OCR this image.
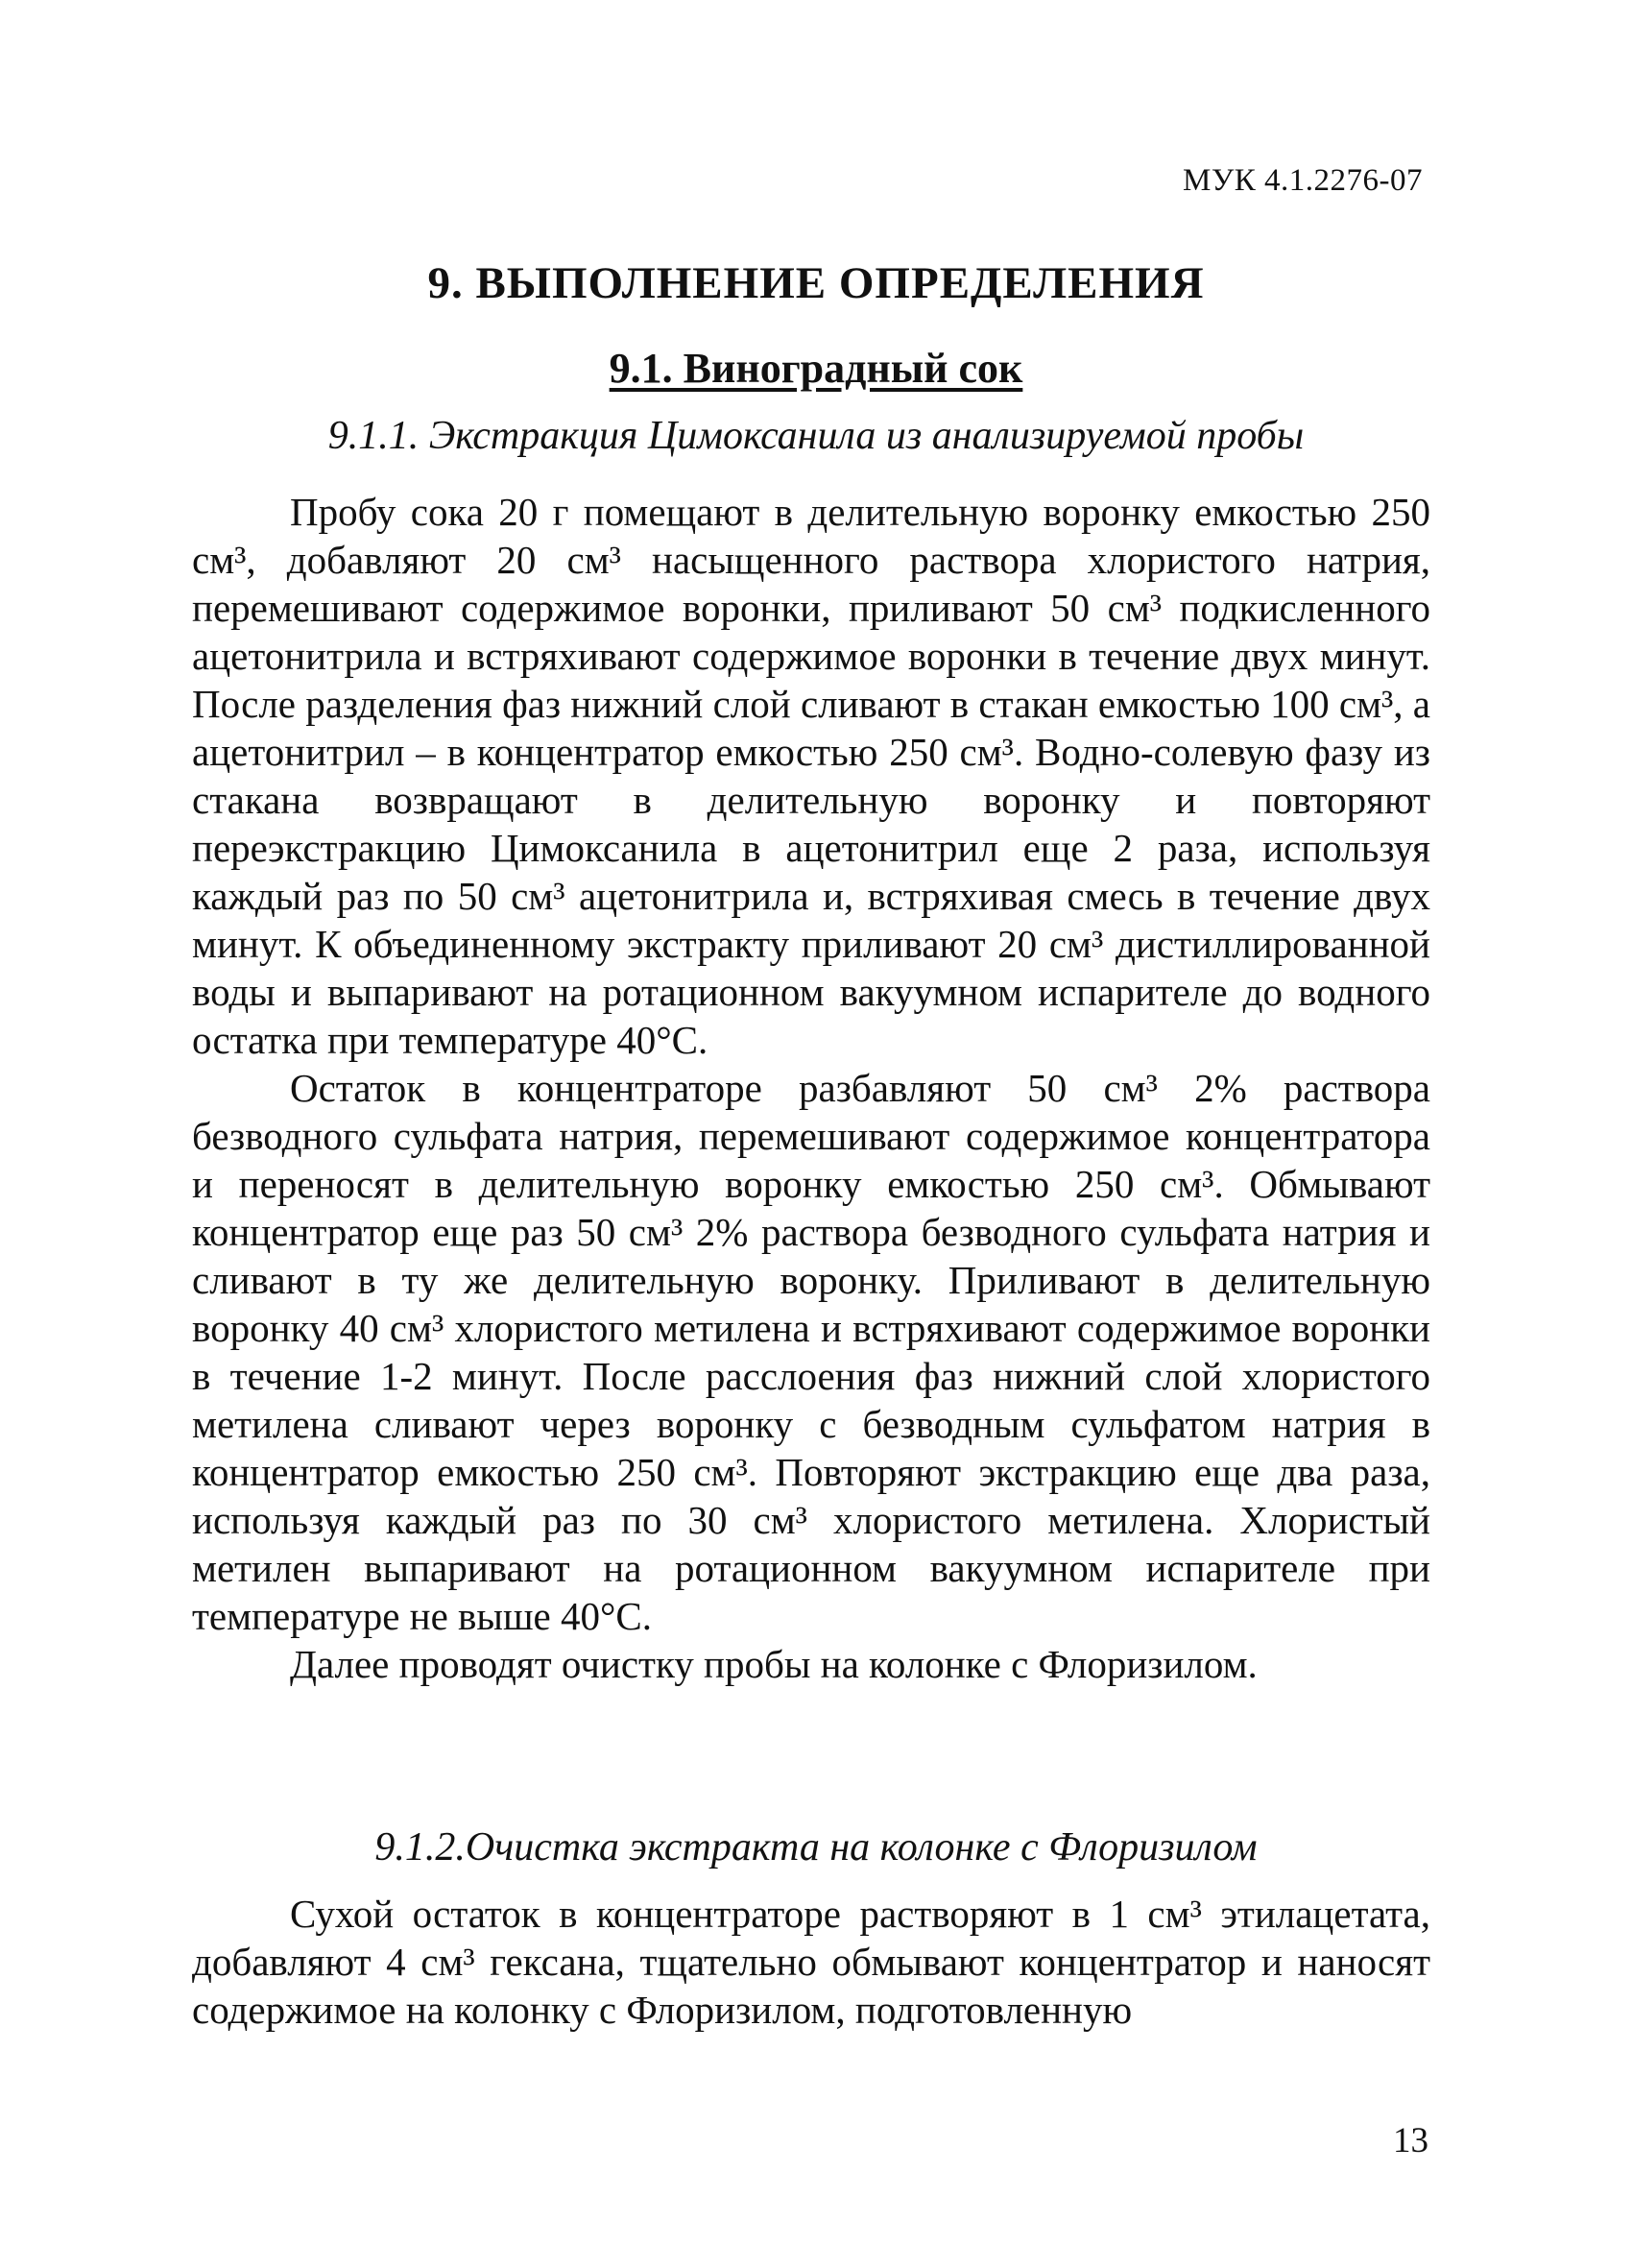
МУК 4.1.2276-07

9. ВЫПОЛНЕНИЕ ОПРЕДЕЛЕНИЯ
9.1. Виноградный сок
9.1.1. Экстракция Цимоксанила из анализируемой пробы

Пробу сока 20 г помещают в делительную воронку емкостью 250 см³, добавляют 20 см³ насыщенного раствора хлористого натрия, перемешивают содержимое воронки, приливают 50 см³ подкисленного ацетонитрила и встряхивают содержимое воронки в течение двух минут. После разделения фаз нижний слой сливают в стакан емкостью 100 см³, а ацетонитрил – в концентратор емкостью 250 см³. Водно-солевую фазу из стакана возвращают в делительную воронку и повторяют переэкстракцию Цимоксанила в ацетонитрил еще 2 раза, используя каждый раз по 50 см³ ацетонитрила и, встряхивая смесь в течение двух минут. К объединенному экстракту приливают 20 см³ дистиллированной воды и выпаривают на ротационном вакуумном испарителе до водного остатка при температуре 40°С.

Остаток в концентраторе разбавляют 50 см³ 2% раствора безводного сульфата натрия, перемешивают содержимое концентратора и переносят в делительную воронку емкостью 250 см³. Обмывают концентратор еще раз 50 см³ 2% раствора безводного сульфата натрия и сливают в ту же делительную воронку. Приливают в делительную воронку 40 см³ хлористого метилена и встряхивают содержимое воронки в течение 1-2 минут. После расслоения фаз нижний слой хлористого метилена сливают через воронку с безводным сульфатом натрия в концентратор емкостью 250 см³. Повторяют экстракцию еще два раза, используя каждый раз по 30 см³ хлористого метилена. Хлористый метилен выпаривают на ротационном вакуумном испарителе при температуре не выше 40°С.

Далее проводят очистку пробы на колонке с Флоризилом.

9.1.2.Очистка экстракта на колонке с Флоризилом

Сухой остаток в концентраторе растворяют в 1 см³ этилацетата, добавляют 4 см³ гексана, тщательно обмывают концентратор и наносят содержимое на колонку с Флоризилом, подготовленную

13
